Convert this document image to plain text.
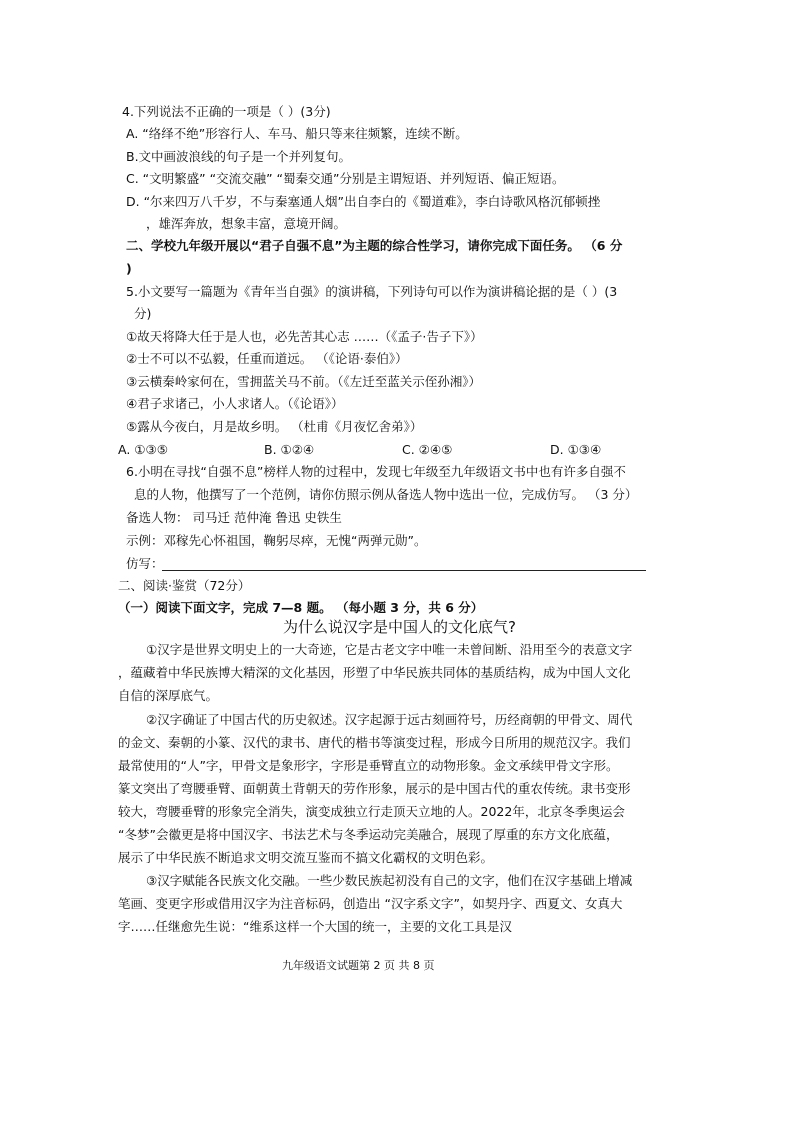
4.下列说法不正确的一项是（ ）(3分)
A. “络绎不绝”形容行人、车马、船只等来往频繁，连续不断。
B.文中画波浪线的句子是一个并列复句。
C. “文明繁盛” “交流交融” “蜀秦交通”分别是主谓短语、并列短语、偏正短语。
D. “尔来四万八千岁，不与秦塞通人烟”出自李白的《蜀道难》，李白诗歌风格沉郁顿挫
，雄浑奔放，想象丰富，意境开阔。
二、学校九年级开展以“君子自强不息”为主题的综合性学习，请你完成下面任务。 （6 分
)
5.小文要写一篇题为《青年当自强》的演讲稿，下列诗句可以作为演讲稿论据的是（ ）(3
分)
①故天将降大任于是人也，必先苦其心志 ……（《孟子·告子下》）
②士不可以不弘毅，任重而道远。 （《论语·泰伯》）
③云横秦岭家何在，雪拥蓝关马不前。（《左迁至蓝关示侄孙湘》）
④君子求诸己，小人求诸人。（《论语》）
⑤露从今夜白，月是故乡明。 （杜甫《月夜忆舍弟》）
A. ①③⑤	B. ①②④	C. ②④⑤	D. ①③④
6.小明在寻找“自强不息”榜样人物的过程中，发现七年级至九年级语文书中也有许多自强不
息的人物，他撰写了一个范例，请你仿照示例从备选人物中选出一位，完成仿写。 （3 分）
备选人物： 司马迁 范仲淹 鲁迅 史铁生
示例：邓稼先心怀祖国，鞠躬尽瘁，无愧“两弹元勋”。
仿写：
二、阅读·鉴赏（72分）
（一）阅读下面文字，完成 7—8 题。 （每小题 3 分，共 6 分）
为什么说汉字是中国人的文化底气?
①汉字是世界文明史上的一大奇迹，它是古老文字中唯一未曾间断、沿用至今的表意文字
，蕴藏着中华民族博大精深的文化基因，形塑了中华民族共同体的基质结构，成为中国人文化
自信的深厚底气。
②汉字确证了中国古代的历史叙述。汉字起源于远古刻画符号，历经商朝的甲骨文、周代
的金文、秦朝的小篆、汉代的隶书、唐代的楷书等演变过程，形成今日所用的规范汉字。我们
最常使用的“人”字，甲骨文是象形字，字形是垂臂直立的动物形象。金文承续甲骨文字形。
篆文突出了弯腰垂臂、面朝黄土背朝天的劳作形象，展示的是中国古代的重农传统。隶书变形
较大，弯腰垂臂的形象完全消失，演变成独立行走顶天立地的人。2022年，北京冬季奥运会
“冬梦”会徽更是将中国汉字、书法艺术与冬季运动完美融合，展现了厚重的东方文化底蕴，
展示了中华民族不断追求文明交流互鉴而不搞文化霸权的文明色彩。
③汉字赋能各民族文化交融。一些少数民族起初没有自己的文字，他们在汉字基础上增减
笔画、变更字形或借用汉字为注音标码，创造出 “汉字系文字”，如契丹字、西夏文、女真大
字……任继愈先生说：“维系这样一个大国的统一，主要的文化工具是汉
九年级语文试题第 2 页 共 8 页
